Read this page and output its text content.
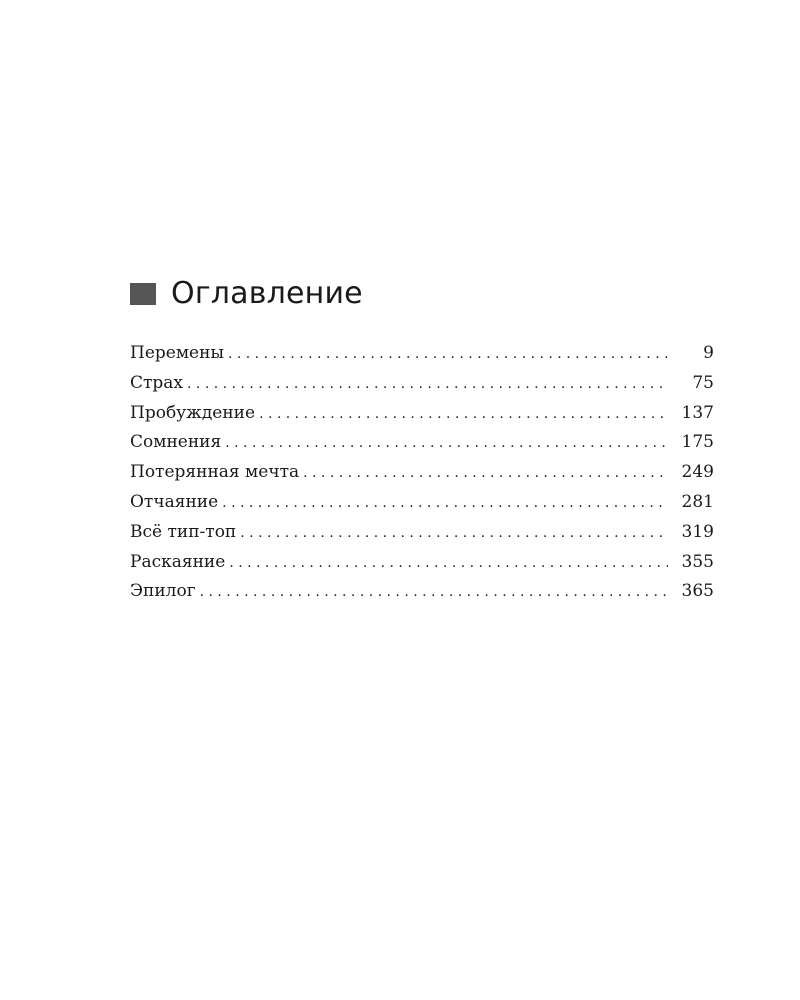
Оглавление
Перемены . . .	9
Страх . . .	75
Пробуждение . . .	137
Сомнения . . .	175
Потерянная мечта . . .	249
Отчаяние . . .	281
Всё тип-топ . . .	319
Раскаяние . . .	355
Эпилог . . .	365
